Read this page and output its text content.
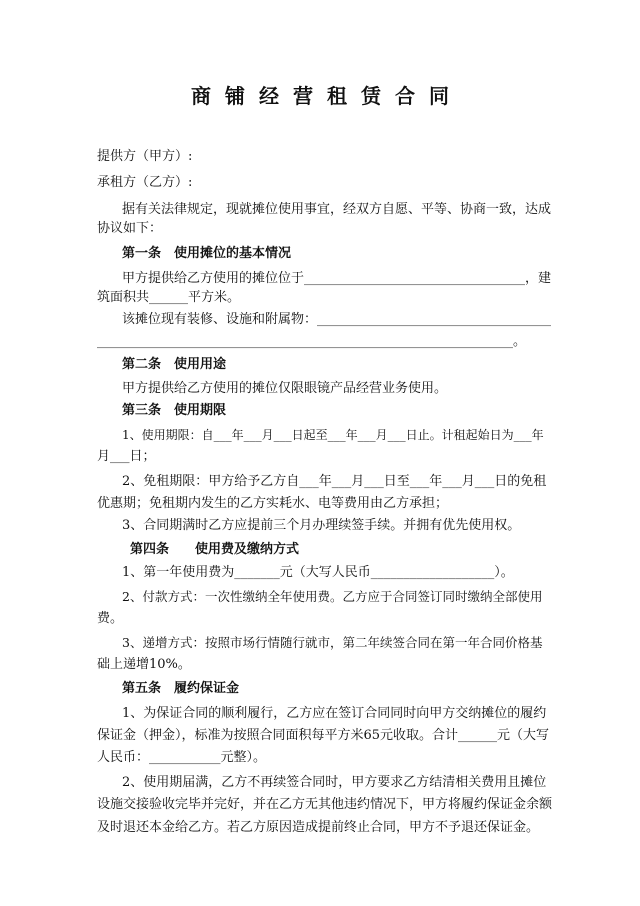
商铺经营租赁合同
提供方（甲方）:
承租方（乙方）:
据有关法律规定，现就摊位使用事宜，经双方自愿、平等、协商一致，达成
协议如下：
第一条　使用摊位的基本情况
甲方提供给乙方使用的摊位位于__________________________________，建
筑面积共______平方米。
该摊位现有装修、设施和附属物：____________________________________
________________________________________________________________。
第二条　使用用途
甲方提供给乙方使用的摊位仅限眼镜产品经营业务使用。
第三条　使用期限
1、使用期限：自___年___月___日起至___年___月___日止。计租起始日为___年
月___日；
2、免租期限：甲方给予乙方自___年___月___日至___年___月___日的免租
优惠期；免租期内发生的乙方实耗水、电等费用由乙方承担；
3、合同期满时乙方应提前三个月办理续签手续。并拥有优先使用权。
第四条　　使用费及缴纳方式
1、第一年使用费为_______元（大写人民币___________________）。
2、付款方式：一次性缴纳全年使用费。乙方应于合同签订同时缴纳全部使用
费。
3、递增方式：按照市场行情随行就市，第二年续签合同在第一年合同价格基
础上递增10%。
第五条　履约保证金
1、为保证合同的顺利履行，乙方应在签订合同同时向甲方交纳摊位的履约
保证金（押金），标准为按照合同面积每平方米65元收取。合计______元（大写
人民币：___________元整）。
2、使用期届满，乙方不再续签合同时，甲方要求乙方结清相关费用且摊位
设施交接验收完毕并完好，并在乙方无其他违约情况下，甲方将履约保证金余额
及时退还本金给乙方。若乙方原因造成提前终止合同，甲方不予退还保证金。
